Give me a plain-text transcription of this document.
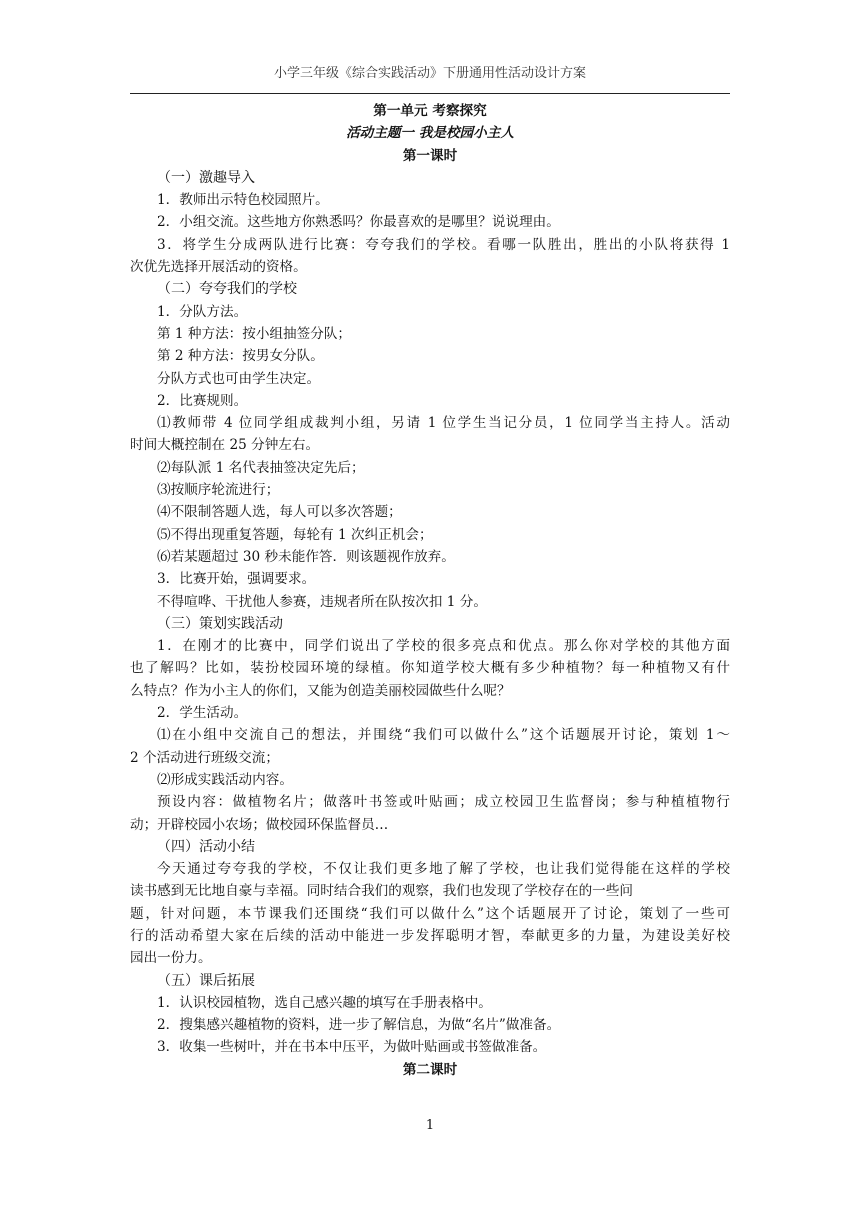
小学三年级《综合实践活动》下册通用性活动设计方案
第一单元 考察探究
活动主题一 我是校园小主人
第一课时
（一）激趣导入
1．教师出示特色校园照片。
2．小组交流。这些地方你熟悉吗？你最喜欢的是哪里？说说理由。
3．将学生分成两队进行比赛：夸夸我们的学校。看哪一队胜出，胜出的小队将获得 1
次优先选择开展活动的资格。
（二）夸夸我们的学校
1．分队方法。
第 1 种方法：按小组抽签分队；
第 2 种方法：按男女分队。
分队方式也可由学生决定。
2．比赛规则。
⑴教师带 4 位同学组成裁判小组，另请 1 位学生当记分员，1 位同学当主持人。活动
时间大概控制在 25 分钟左右。
⑵每队派 1 名代表抽签决定先后；
⑶按顺序轮流进行；
⑷不限制答题人选，每人可以多次答题；
⑸不得出现重复答题，每轮有 1 次纠正机会；
⑹若某题超过 30 秒未能作答．则该题视作放弃。
3．比赛开始，强调要求。
不得喧哗、干扰他人参赛，违规者所在队按次扣 1 分。
（三）策划实践活动
1．在刚才的比赛中，同学们说出了学校的很多亮点和优点。那么你对学校的其他方面
也了解吗？比如，装扮校园环境的绿植。你知道学校大概有多少种植物？每一种植物又有什
么特点？作为小主人的你们，又能为创造美丽校园做些什么呢？
2．学生活动。
⑴在小组中交流自己的想法，并围绕“我们可以做什么”这个话题展开讨论，策划 1～
2 个活动进行班级交流；
⑵形成实践活动内容。
预设内容：做植物名片；做落叶书签或叶贴画；成立校园卫生监督岗；参与种植植物行
动；开辟校园小农场；做校园环保监督员…
（四）活动小结
今天通过夸夸我的学校，不仅让我们更多地了解了学校，也让我们觉得能在这样的学校
读书感到无比地自豪与幸福。同时结合我们的观察，我们也发现了学校存在的一些问
题，针对问题，本节课我们还围绕“我们可以做什么”这个话题展开了讨论，策划了一些可
行的活动希望大家在后续的活动中能进一步发挥聪明才智，奉献更多的力量，为建设美好校
园出一份力。
（五）课后拓展
1．认识校园植物，选自己感兴趣的填写在手册表格中。
2．搜集感兴趣植物的资料，进一步了解信息，为做“名片”做准备。
3．收集一些树叶，并在书本中压平，为做叶贴画或书签做准备。
第二课时
1
